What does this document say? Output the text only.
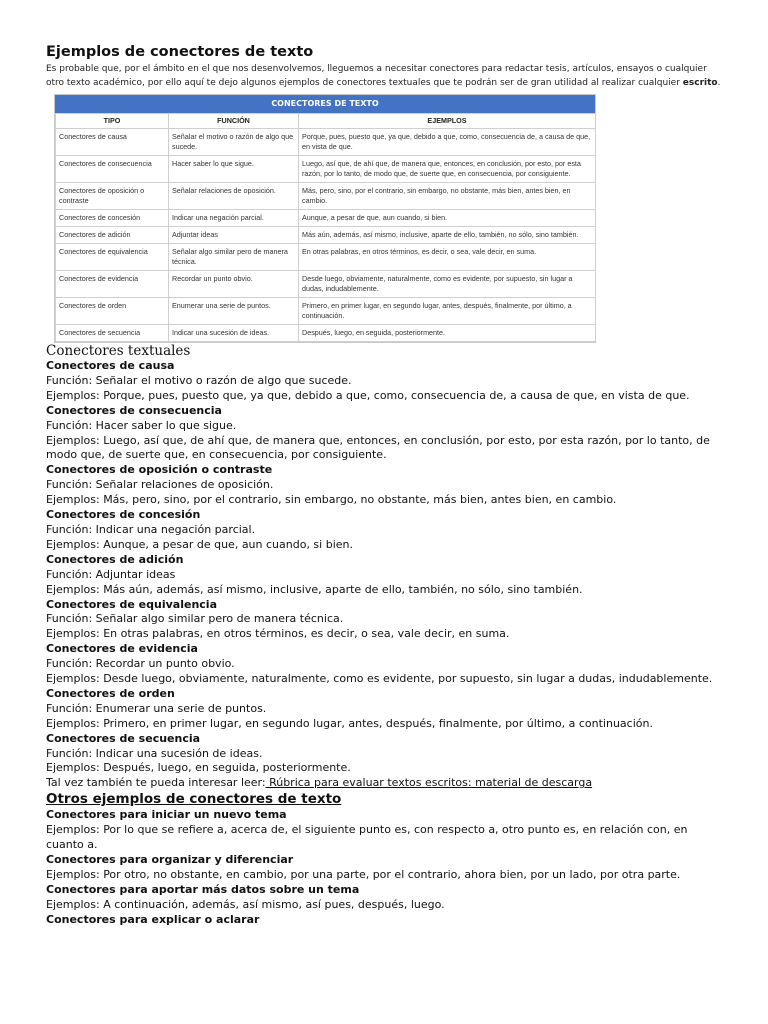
Ejemplos de conectores de texto

Es probable que, por el ámbito en el que nos desenvolvemos, lleguemos a necesitar conectores para redactar tesis, artículos, ensayos o cualquier otro texto académico, por ello aquí te dejo algunos ejemplos de conectores textuales que te podrán ser de gran utilidad al realizar cualquier escrito.

CONECTORES DE TEXTO
TIPO	FUNCIÓN	EJEMPLOS
Conectores de causa	Señalar el motivo o razón de algo que sucede.	Porque, pues, puesto que, ya que, debido a que, como, consecuencia de, a causa de que, en vista de que.
Conectores de consecuencia	Hacer saber lo que sigue.	Luego, así que, de ahí que, de manera que, entonces, en conclusión, por esto, por esta razón, por lo tanto, de modo que, de suerte que, en consecuencia, por consiguiente.
Conectores de oposición o contraste	Señalar relaciones de oposición.	Más, pero, sino, por el contrario, sin embargo, no obstante, más bien, antes bien, en cambio.
Conectores de concesión	Indicar una negación parcial.	Aunque, a pesar de que, aun cuando, si bien.
Conectores de adición	Adjuntar ideas	Más aún, además, así mismo, inclusive, aparte de ello, también, no sólo, sino también.
Conectores de equivalencia	Señalar algo similar pero de manera técnica.	En otras palabras, en otros términos, es decir, o sea, vale decir, en suma.
Conectores de evidencia	Recordar un punto obvio.	Desde luego, obviamente, naturalmente, como es evidente, por supuesto, sin lugar a dudas, indudablemente.
Conectores de orden	Enumerar una serie de puntos.	Primero, en primer lugar, en segundo lugar, antes, después, finalmente, por último, a continuación.
Conectores de secuencia	Indicar una sucesión de ideas.	Después, luego, en seguida, posteriormente.
Conectores textuales

Conectores de causa

Función: Señalar el motivo o razón de algo que sucede.

Ejemplos: Porque, pues, puesto que, ya que, debido a que, como, consecuencia de, a causa de que, en vista de que.

Conectores de consecuencia

Función: Hacer saber lo que sigue.

Ejemplos: Luego, así que, de ahí que, de manera que, entonces, en conclusión, por esto, por esta razón, por lo tanto, de modo que, de suerte que, en consecuencia, por consiguiente.

Conectores de oposición o contraste

Función: Señalar relaciones de oposición.

Ejemplos: Más, pero, sino, por el contrario, sin embargo, no obstante, más bien, antes bien, en cambio.

Conectores de concesión

Función: Indicar una negación parcial.

Ejemplos: Aunque, a pesar de que, aun cuando, si bien.

Conectores de adición

Función: Adjuntar ideas

Ejemplos: Más aún, además, así mismo, inclusive, aparte de ello, también, no sólo, sino también.

Conectores de equivalencia

Función: Señalar algo similar pero de manera técnica.

Ejemplos: En otras palabras, en otros términos, es decir, o sea, vale decir, en suma.

Conectores de evidencia

Función: Recordar un punto obvio.

Ejemplos: Desde luego, obviamente, naturalmente, como es evidente, por supuesto, sin lugar a dudas, indudablemente.

Conectores de orden

Función: Enumerar una serie de puntos.

Ejemplos: Primero, en primer lugar, en segundo lugar, antes, después, finalmente, por último, a continuación.

Conectores de secuencia

Función: Indicar una sucesión de ideas.

Ejemplos: Después, luego, en seguida, posteriormente.

Tal vez también te pueda interesar leer: Rúbrica para evaluar textos escritos: material de descarga

Otros ejemplos de conectores de texto

Conectores para iniciar un nuevo tema

Ejemplos: Por lo que se refiere a, acerca de, el siguiente punto es, con respecto a, otro punto es, en relación con, en cuanto a.

Conectores para organizar y diferenciar

Ejemplos: Por otro, no obstante, en cambio, por una parte, por el contrario, ahora bien, por un lado, por otra parte.

Conectores para aportar más datos sobre un tema

Ejemplos: A continuación, además, así mismo, así pues, después, luego.

Conectores para explicar o aclarar
